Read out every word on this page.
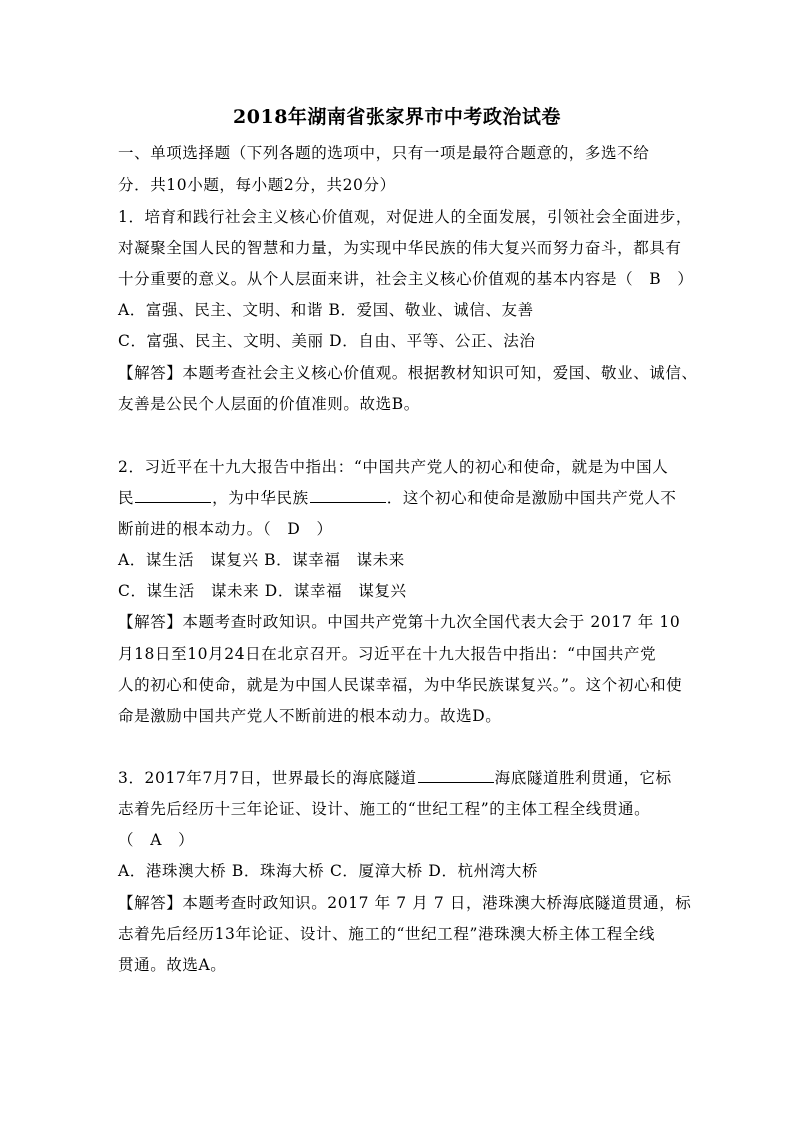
2018年湖南省张家界市中考政治试卷
一、单项选择题（下列各题的选项中，只有一项是最符合题意的，多选不给
分．共10小题，每小题2分，共20分）
1．培育和践行社会主义核心价值观，对促进人的全面发展，引领社会全面进步，
对凝聚全国人民的智慧和力量，为实现中华民族的伟大复兴而努力奋斗，都具有
十分重要的意义。从个人层面来讲，社会主义核心价值观的基本内容是（　B　）
A．富强、民主、文明、和谐 B．爱国、敬业、诚信、友善
C．富强、民主、文明、美丽 D．自由、平等、公正、法治
【解答】本题考查社会主义核心价值观。根据教材知识可知，爱国、敬业、诚信、
友善是公民个人层面的价值准则。故选B。
2．习近平在十九大报告中指出：“中国共产党人的初心和使命，就是为中国人
民	，为中华民族	．这个初心和使命是激励中国共产党人不
断前进的根本动力。（　D　）
A．谋生活　谋复兴 B．谋幸福　谋未来
C．谋生活　谋未来 D．谋幸福　谋复兴
【解答】本题考查时政知识。中国共产党第十九次全国代表大会于 2017 年 10
月18日至10月24日在北京召开。习近平在十九大报告中指出：“中国共产党
人的初心和使命，就是为中国人民谋幸福，为中华民族谋复兴。”。这个初心和使
命是激励中国共产党人不断前进的根本动力。故选D。
3．2017年7月7日，世界最长的海底隧道	海底隧道胜利贯通，它标
志着先后经历十三年论证、设计、施工的“世纪工程”的主体工程全线贯通。
（　A　）
A．港珠澳大桥 B．珠海大桥 C．厦漳大桥 D．杭州湾大桥
【解答】本题考查时政知识。2017 年 7 月 7 日，港珠澳大桥海底隧道贯通，标
志着先后经历13年论证、设计、施工的“世纪工程”港珠澳大桥主体工程全线
贯通。故选A。
